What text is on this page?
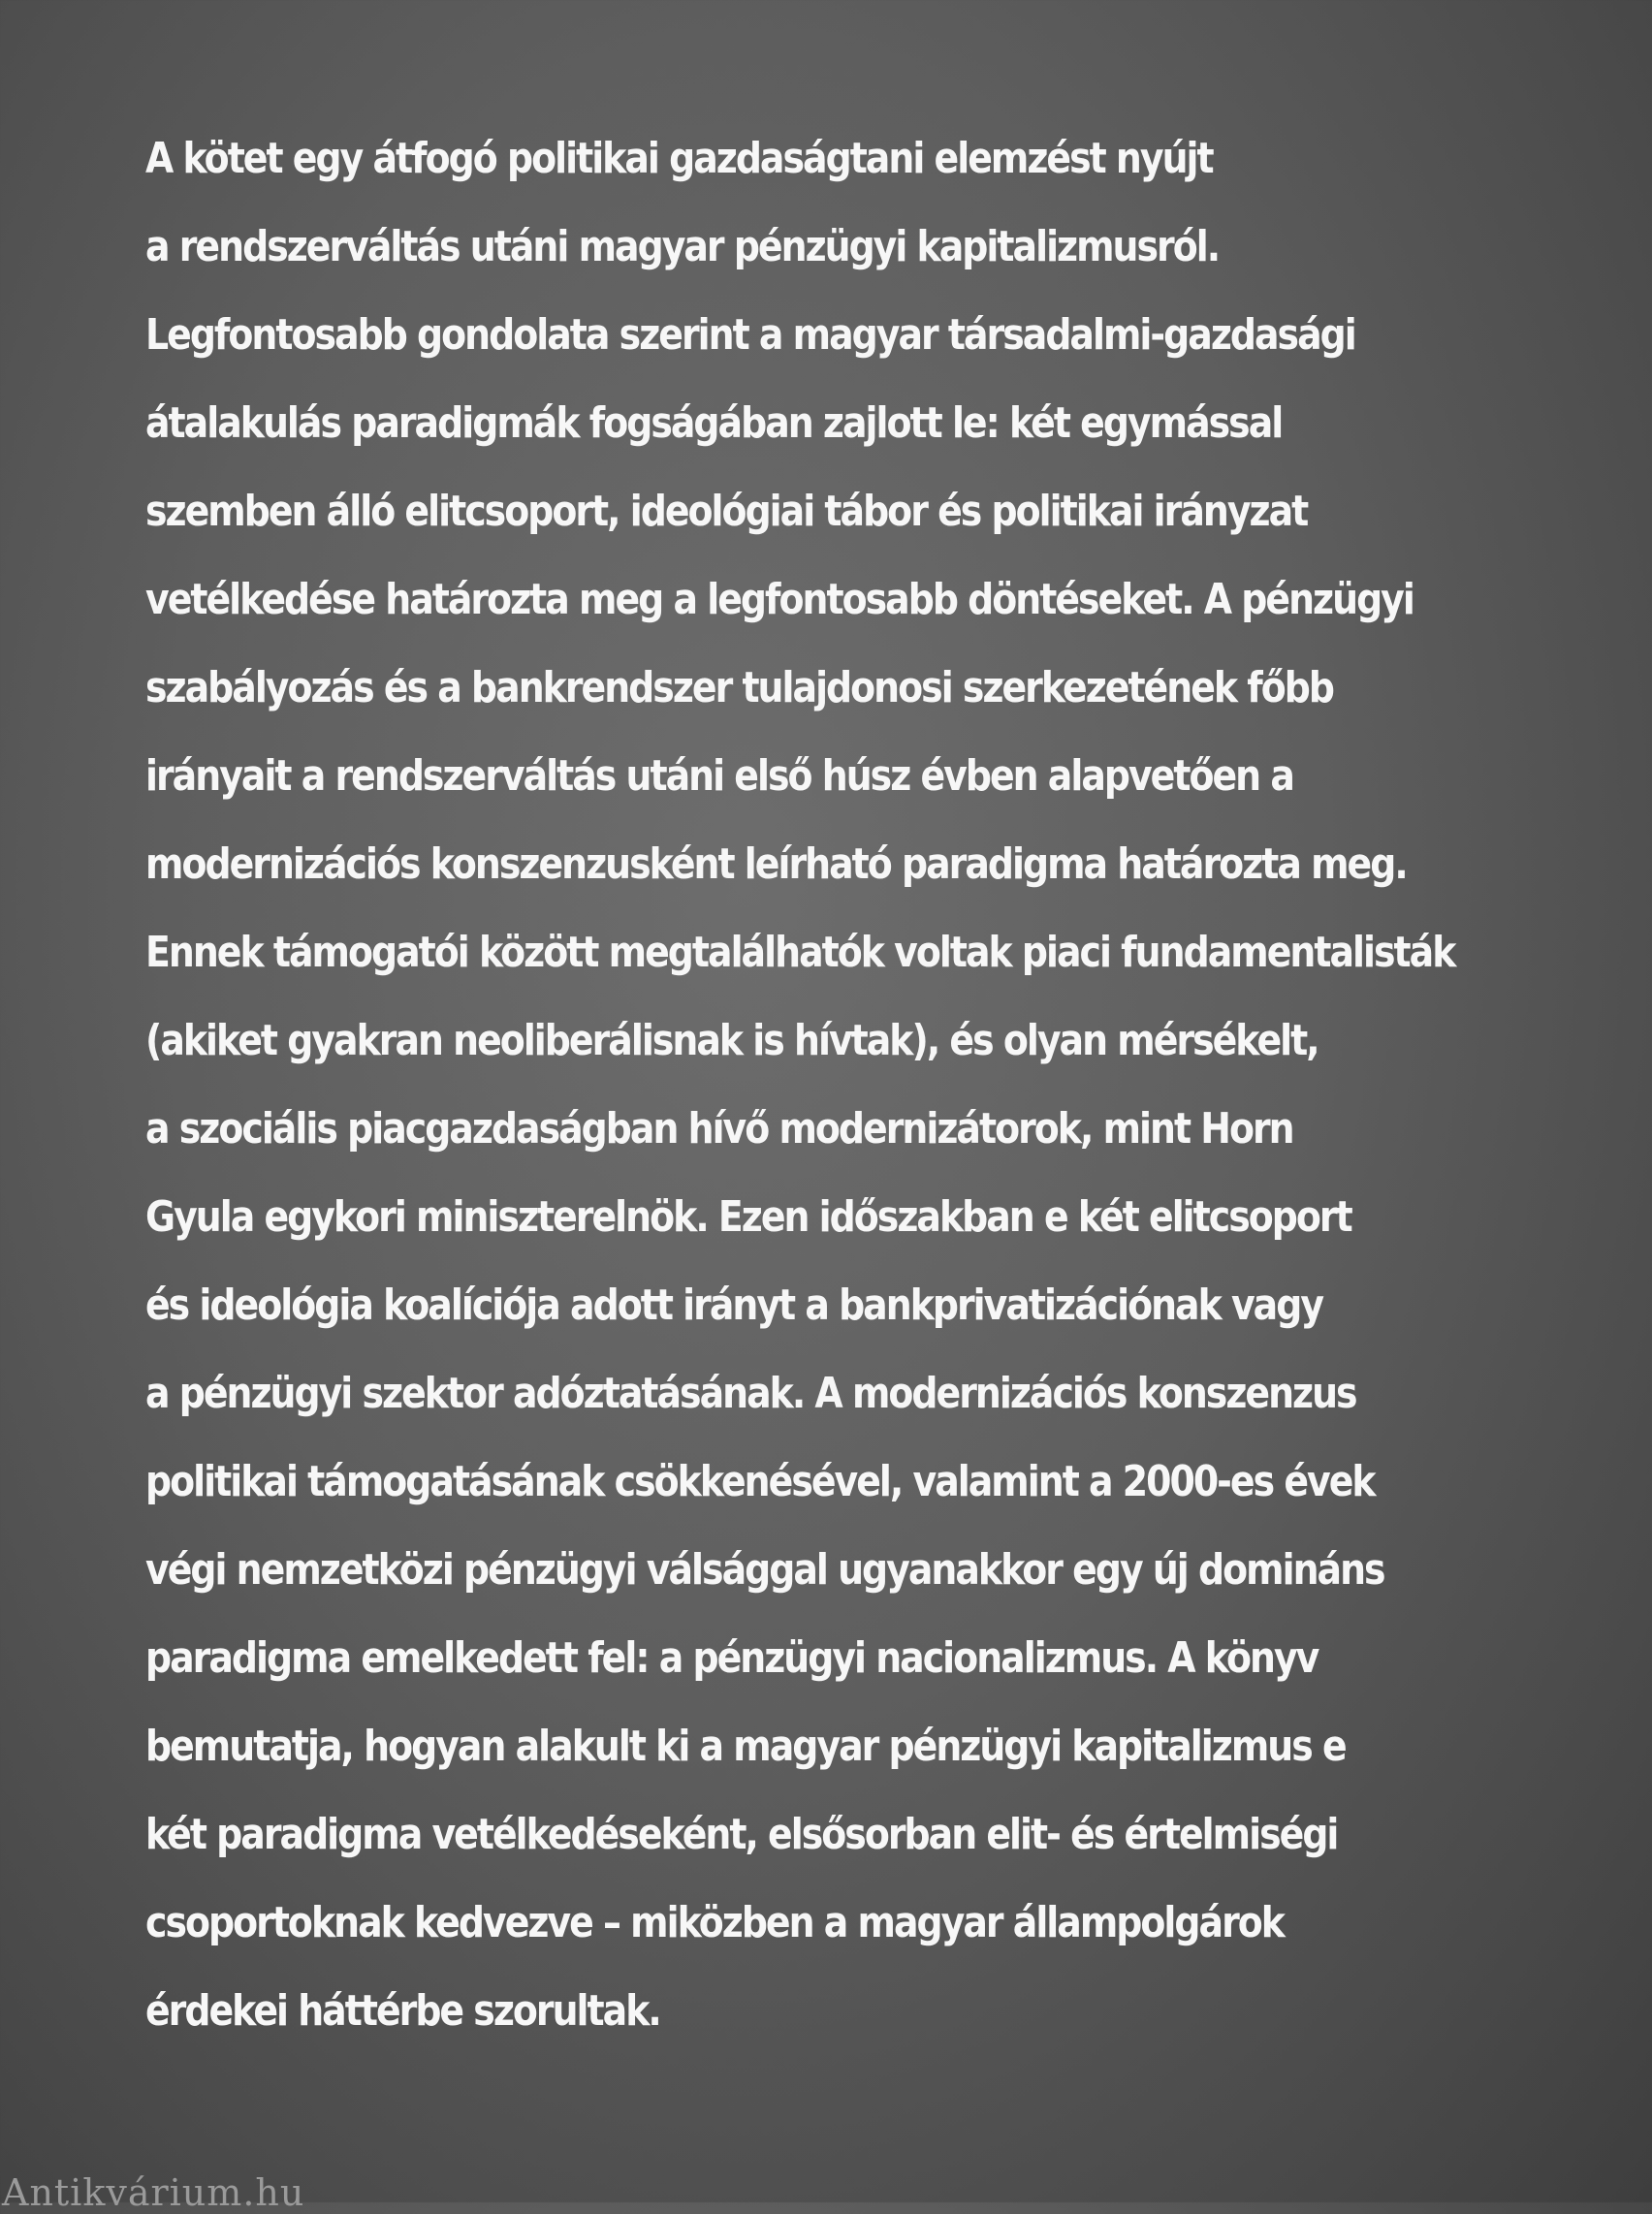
A kötet egy átfogó politikai gazdaságtani elemzést nyújt
a rendszerváltás utáni magyar pénzügyi kapitalizmusról.
Legfontosabb gondolata szerint a magyar társadalmi-gazdasági
átalakulás paradigmák fogságában zajlott le: két egymással
szemben álló elitcsoport, ideológiai tábor és politikai irányzat
vetélkedése határozta meg a legfontosabb döntéseket. A pénzügyi
szabályozás és a bankrendszer tulajdonosi szerkezetének főbb
irányait a rendszerváltás utáni első húsz évben alapvetően a
modernizációs konszenzusként leírható paradigma határozta meg.
Ennek támogatói között megtalálhatók voltak piaci fundamentalisták
(akiket gyakran neoliberálisnak is hívtak), és olyan mérsékelt,
a szociális piacgazdaságban hívő modernizátorok, mint Horn
Gyula egykori miniszterelnök. Ezen időszakban e két elitcsoport
és ideológia koalíciója adott irányt a bankprivatizációnak vagy
a pénzügyi szektor adóztatásának. A modernizációs konszenzus
politikai támogatásának csökkenésével, valamint a 2000-es évek
végi nemzetközi pénzügyi válsággal ugyanakkor egy új domináns
paradigma emelkedett fel: a pénzügyi nacionalizmus. A könyv
bemutatja, hogyan alakult ki a magyar pénzügyi kapitalizmus e
két paradigma vetélkedéseként, elsősorban elit- és értelmiségi
csoportoknak kedvezve – miközben a magyar állampolgárok
érdekei háttérbe szorultak.
Antikvárium.hu
